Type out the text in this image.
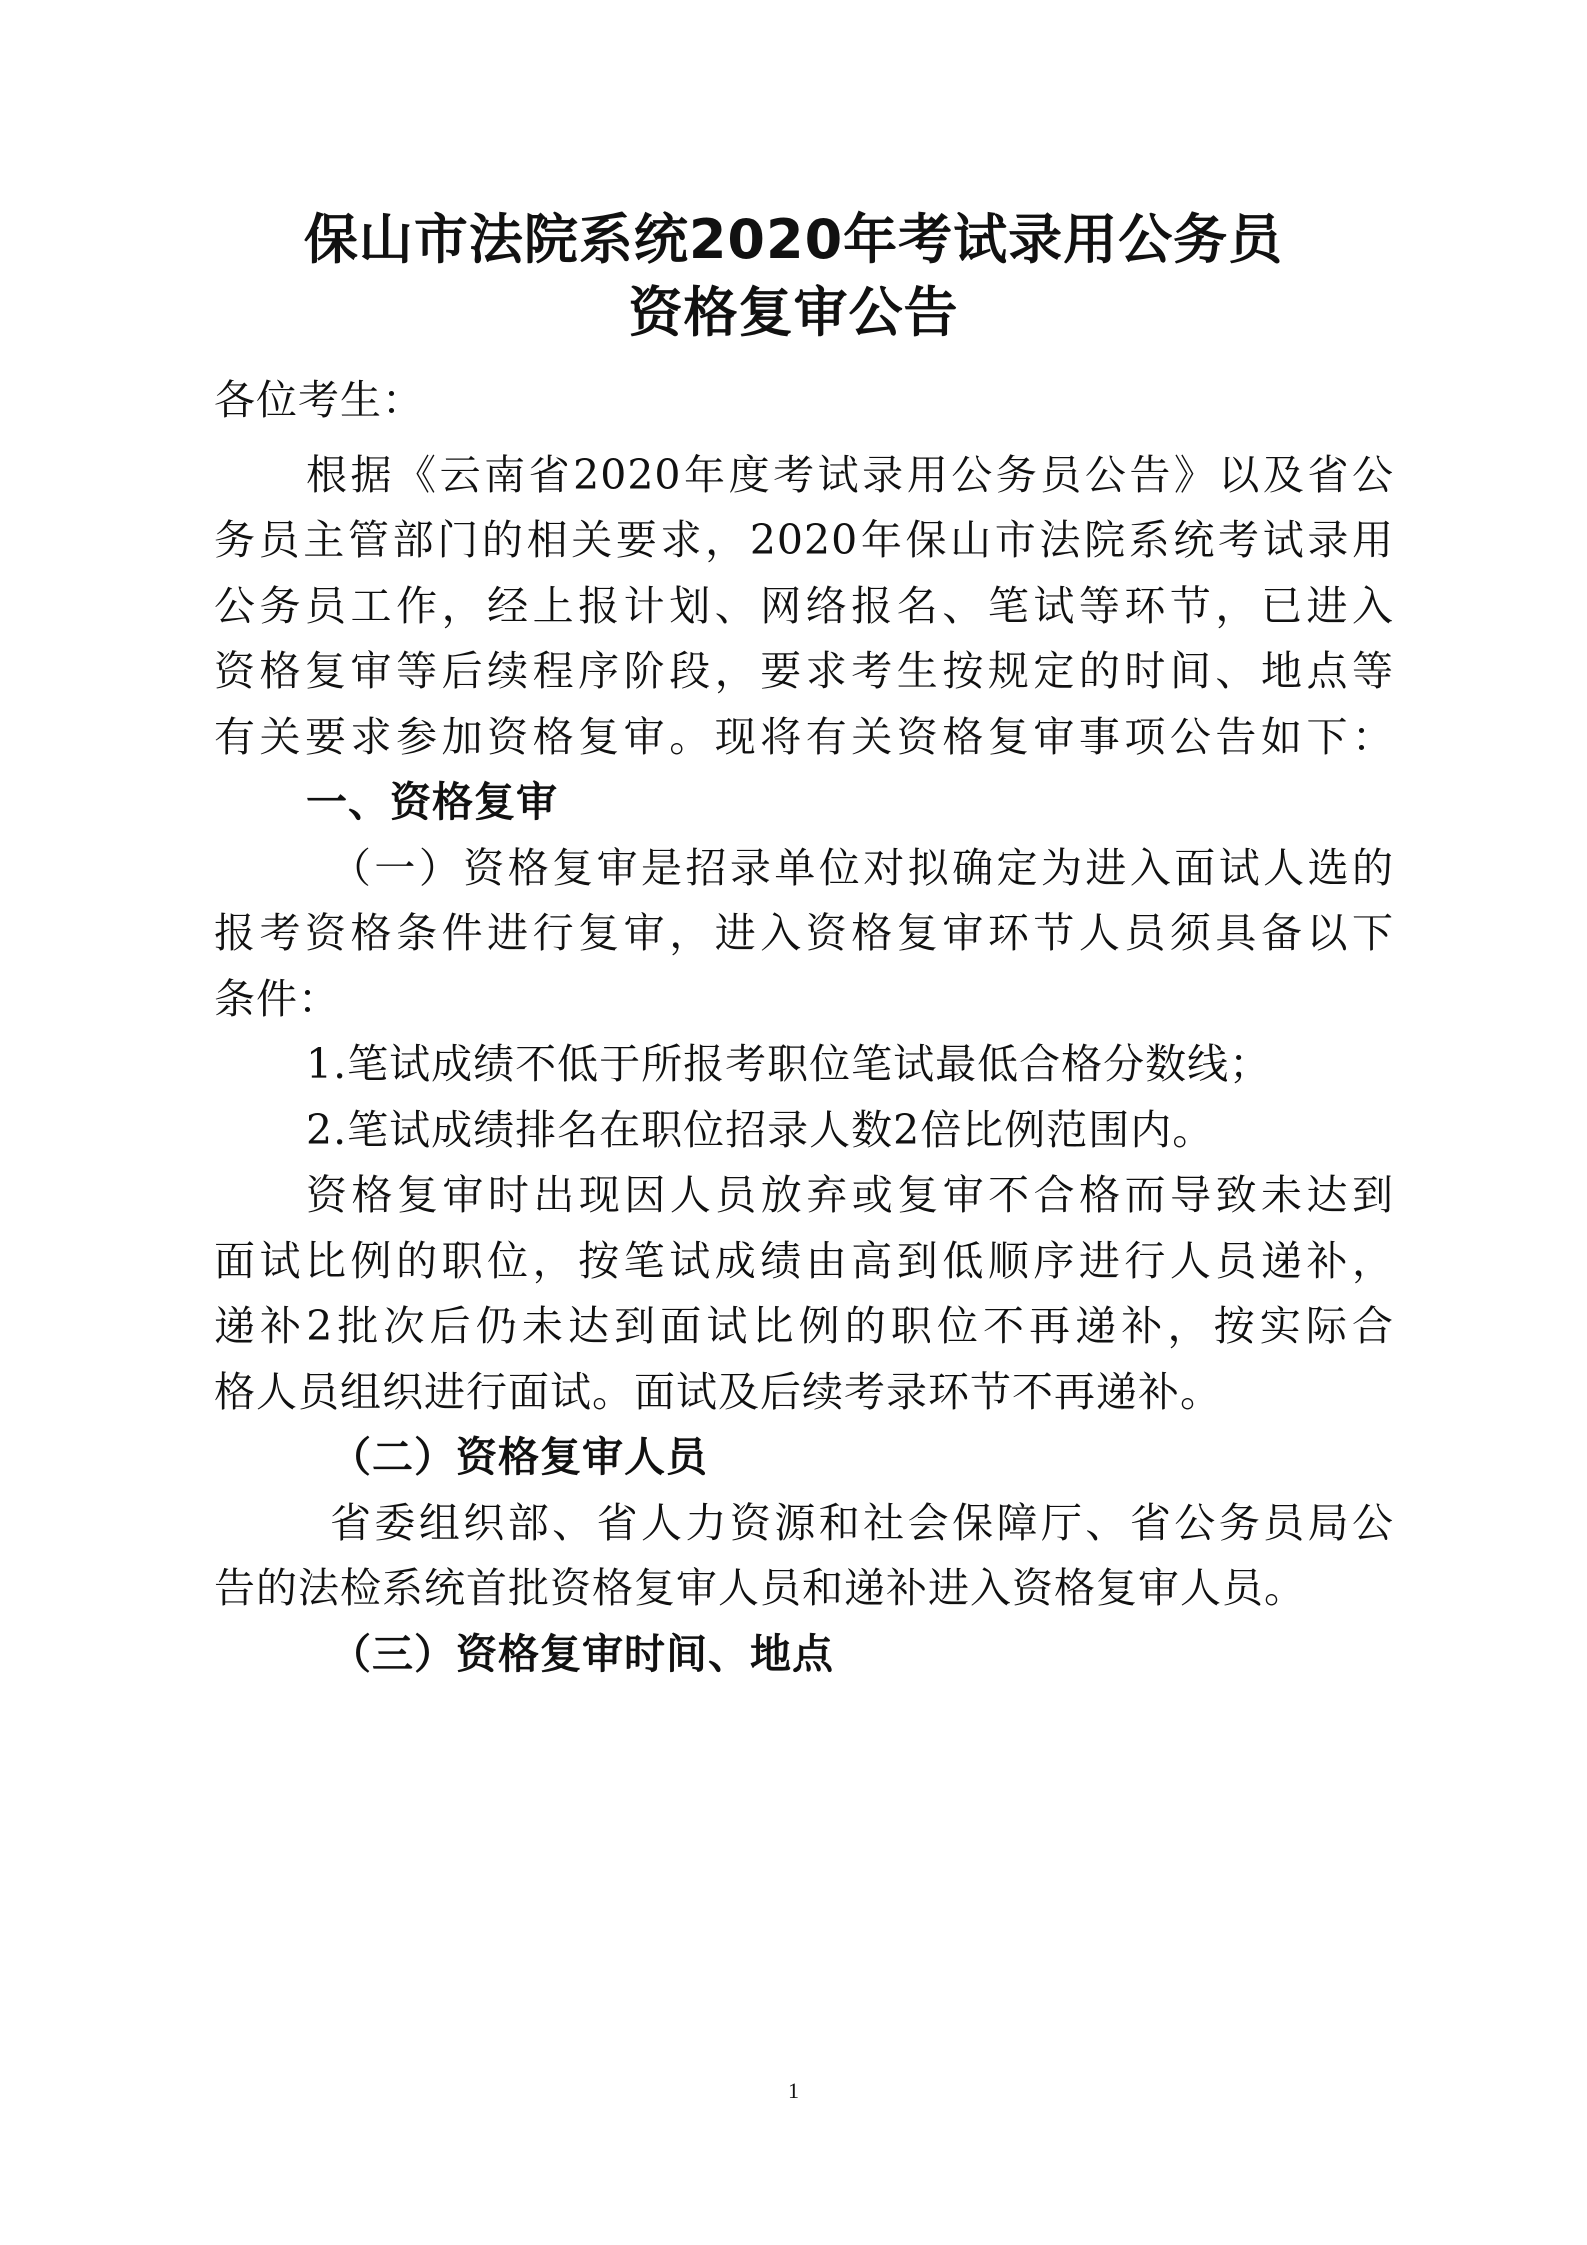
保山市法院系统2020年考试录用公务员
资格复审公告
各位考生：
根据《云南省2020年度考试录用公务员公告》以及省公
务员主管部门的相关要求，2020年保山市法院系统考试录用
公务员工作，经上报计划、网络报名、笔试等环节，已进入
资格复审等后续程序阶段，要求考生按规定的时间、地点等
有关要求参加资格复审。现将有关资格复审事项公告如下：
一、资格复审
（一）资格复审是招录单位对拟确定为进入面试人选的
报考资格条件进行复审，进入资格复审环节人员须具备以下
条件：
1.笔试成绩不低于所报考职位笔试最低合格分数线；
2.笔试成绩排名在职位招录人数2倍比例范围内。
资格复审时出现因人员放弃或复审不合格而导致未达到
面试比例的职位，按笔试成绩由高到低顺序进行人员递补，
递补2批次后仍未达到面试比例的职位不再递补，按实际合
格人员组织进行面试。面试及后续考录环节不再递补。
（二）资格复审人员
省委组织部、省人力资源和社会保障厅、省公务员局公
告的法检系统首批资格复审人员和递补进入资格复审人员。
（三）资格复审时间、地点
1
